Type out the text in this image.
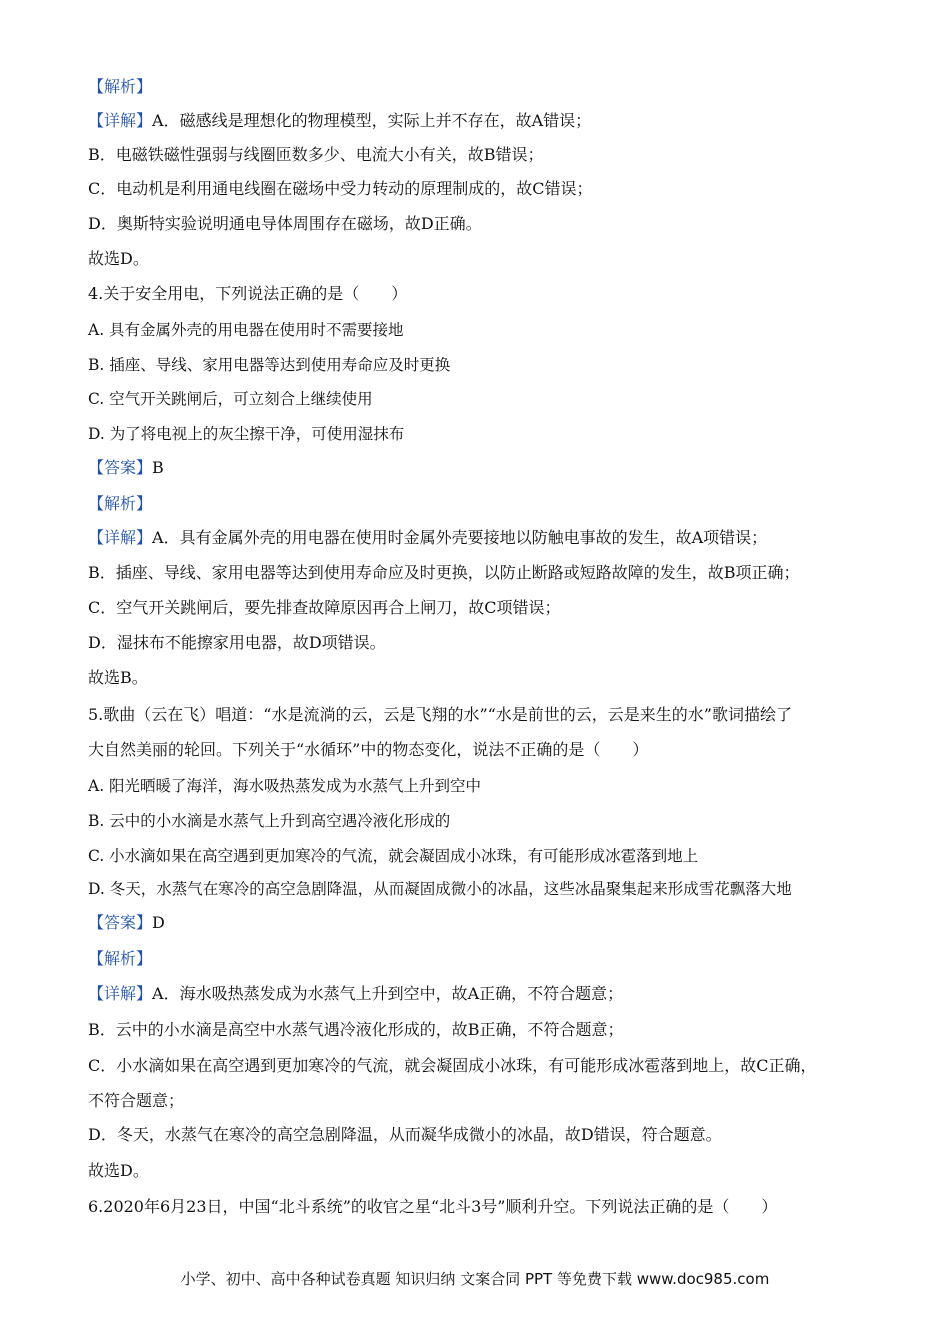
【解析】
【详解】A．磁感线是理想化的物理模型，实际上并不存在，故A错误；
B．电磁铁磁性强弱与线圈匝数多少、电流大小有关，故B错误；
C．电动机是利用通电线圈在磁场中受力转动的原理制成的，故C错误；
D．奥斯特实验说明通电导体周围存在磁场，故D正确。
故选D。
4.关于安全用电，下列说法正确的是（　　）
A. 具有金属外壳的用电器在使用时不需要接地
B. 插座、导线、家用电器等达到使用寿命应及时更换
C. 空气开关跳闸后，可立刻合上继续使用
D. 为了将电视上的灰尘擦干净，可使用湿抹布
【答案】B
【解析】
【详解】A．具有金属外壳的用电器在使用时金属外壳要接地以防触电事故的发生，故A项错误；
B．插座、导线、家用电器等达到使用寿命应及时更换，以防止断路或短路故障的发生，故B项正确；
C．空气开关跳闸后，要先排查故障原因再合上闸刀，故C项错误；
D．湿抹布不能擦家用电器，故D项错误。
故选B。
5.歌曲（云在飞）唱道：“水是流淌的云，云是飞翔的水”“水是前世的云，云是来生的水”歌词描绘了
大自然美丽的轮回。下列关于“水循环”中的物态变化，说法不正确的是（　　）
A. 阳光晒暖了海洋，海水吸热蒸发成为水蒸气上升到空中
B. 云中的小水滴是水蒸气上升到高空遇冷液化形成的
C. 小水滴如果在高空遇到更加寒冷的气流，就会凝固成小冰珠，有可能形成冰雹落到地上
D. 冬天，水蒸气在寒冷的高空急剧降温，从而凝固成微小的冰晶，这些冰晶聚集起来形成雪花飘落大地
【答案】D
【解析】
【详解】A．海水吸热蒸发成为水蒸气上升到空中，故A正确，不符合题意；
B．云中的小水滴是高空中水蒸气遇冷液化形成的，故B正确，不符合题意；
C．小水滴如果在高空遇到更加寒冷的气流，就会凝固成小冰珠，有可能形成冰雹落到地上，故C正确，
不符合题意；
D．冬天，水蒸气在寒冷的高空急剧降温，从而凝华成微小的冰晶，故D错误，符合题意。
故选D。
6.2020年6月23日，中国“北斗系统”的收官之星“北斗3号”顺利升空。下列说法正确的是（　　）
小学、初中、高中各种试卷真题 知识归纳 文案合同 PPT 等免费下载 www.doc985.com
